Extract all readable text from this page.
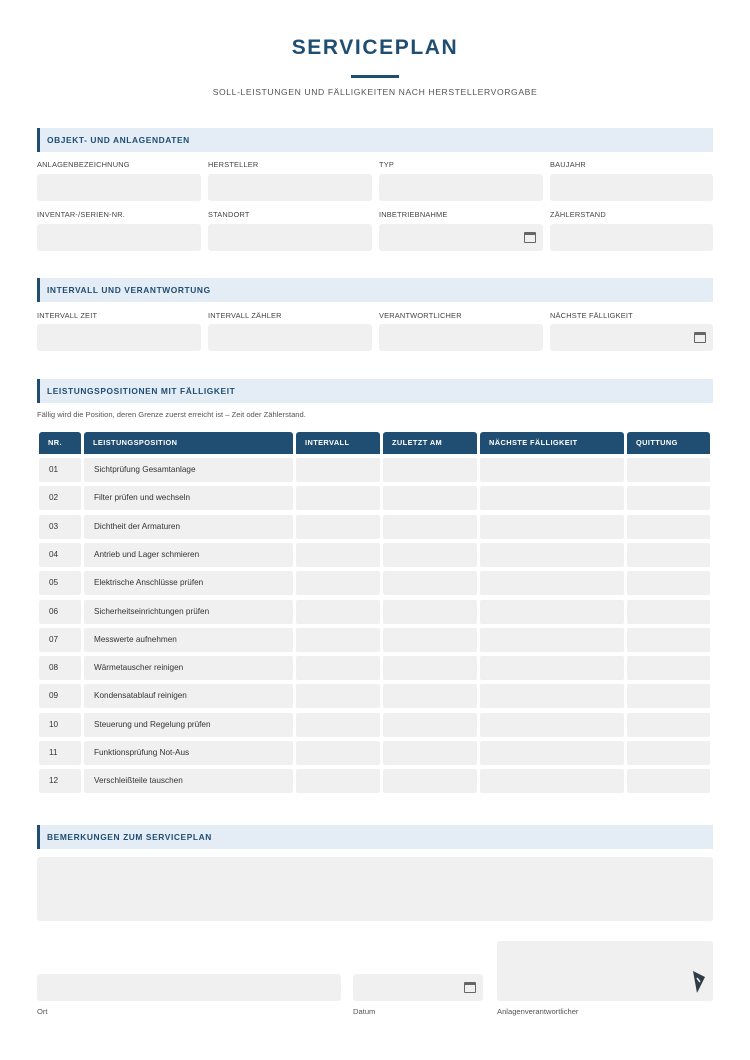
SERVICEPLAN
SOLL-LEISTUNGEN UND FÄLLIGKEITEN NACH HERSTELLERVORGABE
OBJEKT- UND ANLAGENDATEN
ANLAGENBEZEICHNUNG	HERSTELLER	TYP	BAUJAHR
INVENTAR-/SERIEN-NR.	STANDORT	INBETRIEBNAHME	ZÄHLERSTAND
INTERVALL UND VERANTWORTUNG
INTERVALL ZEIT	INTERVALL ZÄHLER	VERANTWORTLICHER	NÄCHSTE FÄLLIGKEIT
LEISTUNGSPOSITIONEN MIT FÄLLIGKEIT
Fällig wird die Position, deren Grenze zuerst erreicht ist – Zeit oder Zählerstand.
NR.	LEISTUNGSPOSITION	INTERVALL	ZULETZT AM	NÄCHSTE FÄLLIGKEIT	QUITTUNG
01	Sichtprüfung Gesamtanlage
02	Filter prüfen und wechseln
03	Dichtheit der Armaturen
04	Antrieb und Lager schmieren
05	Elektrische Anschlüsse prüfen
06	Sicherheitseinrichtungen prüfen
07	Messwerte aufnehmen
08	Wärmetauscher reinigen
09	Kondensatablauf reinigen
10	Steuerung und Regelung prüfen
11	Funktionsprüfung Not-Aus
12	Verschleißteile tauschen
BEMERKUNGEN ZUM SERVICEPLAN
Ort	Datum	Anlagenverantwortlicher
